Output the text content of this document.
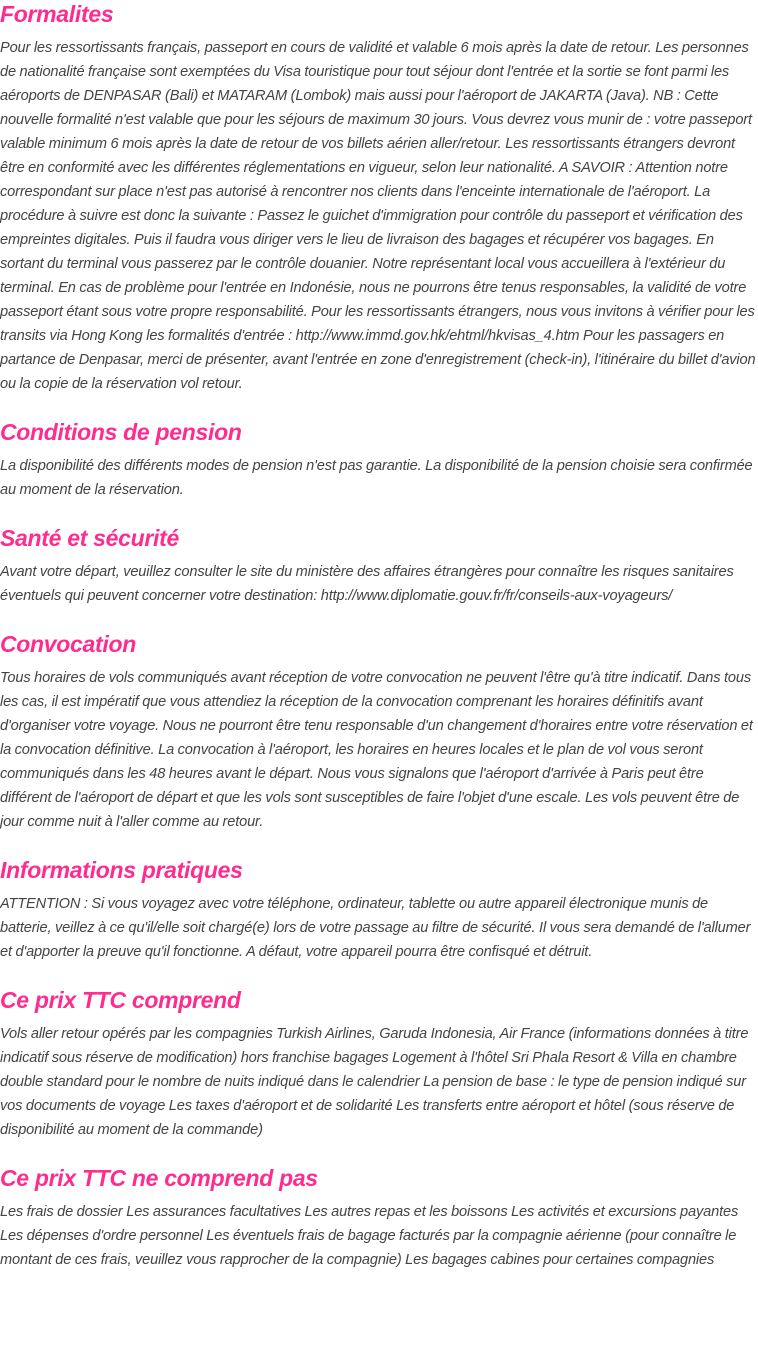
Formalites

Pour les ressortissants français, passeport en cours de validité et valable 6 mois après la date de retour. Les personnes de nationalité française sont exemptées du Visa touristique pour tout séjour dont l'entrée et la sortie se font parmi les aéroports de DENPASAR (Bali) et MATARAM (Lombok) mais aussi pour l'aéroport de JAKARTA (Java). NB : Cette nouvelle formalité n'est valable que pour les séjours de maximum 30 jours. Vous devrez vous munir de : votre passeport valable minimum 6 mois après la date de retour de vos billets aérien aller/retour. Les ressortissants étrangers devront être en conformité avec les différentes réglementations en vigueur, selon leur nationalité. A SAVOIR : Attention notre correspondant sur place n'est pas autorisé à rencontrer nos clients dans l'enceinte internationale de l'aéroport. La procédure à suivre est donc la suivante : Passez le guichet d'immigration pour contrôle du passeport et vérification des empreintes digitales. Puis il faudra vous diriger vers le lieu de livraison des bagages et récupérer vos bagages. En sortant du terminal vous passerez par le contrôle douanier. Notre représentant local vous accueillera à l'extérieur du terminal. En cas de problème pour l'entrée en Indonésie, nous ne pourrons être tenus responsables, la validité de votre passeport étant sous votre propre responsabilité. Pour les ressortissants étrangers, nous vous invitons à vérifier pour les transits via Hong Kong les formalités d'entrée : http://www.immd.gov.hk/ehtml/hkvisas_4.htm Pour les passagers en partance de Denpasar, merci de présenter, avant l'entrée en zone d'enregistrement (check-in), l'itinéraire du billet d'avion ou la copie de la réservation vol retour.

Conditions de pension

La disponibilité des différents modes de pension n'est pas garantie. La disponibilité de la pension choisie sera confirmée au moment de la réservation.

Santé et sécurité

Avant votre départ, veuillez consulter le site du ministère des affaires étrangères pour connaître les risques sanitaires éventuels qui peuvent concerner votre destination: http://www.diplomatie.gouv.fr/fr/conseils-aux-voyageurs/

Convocation

Tous horaires de vols communiqués avant réception de votre convocation ne peuvent l'être qu'à titre indicatif. Dans tous les cas, il est impératif que vous attendiez la réception de la convocation comprenant les horaires définitifs avant d'organiser votre voyage. Nous ne pourront être tenu responsable d'un changement d'horaires entre votre réservation et la convocation définitive. La convocation à l'aéroport, les horaires en heures locales et le plan de vol vous seront communiqués dans les 48 heures avant le départ. Nous vous signalons que l'aéroport d'arrivée à Paris peut être différent de l'aéroport de départ et que les vols sont susceptibles de faire l'objet d'une escale. Les vols peuvent être de jour comme nuit à l'aller comme au retour.

Informations pratiques

ATTENTION : Si vous voyagez avec votre téléphone, ordinateur, tablette ou autre appareil électronique munis de batterie, veillez à ce qu'il/elle soit chargé(e) lors de votre passage au filtre de sécurité. Il vous sera demandé de l'allumer et d'apporter la preuve qu'il fonctionne. A défaut, votre appareil pourra être confisqué et détruit.

Ce prix TTC comprend

Vols aller retour opérés par les compagnies Turkish Airlines, Garuda Indonesia, Air France (informations données à titre indicatif sous réserve de modification) hors franchise bagages Logement à l'hôtel Sri Phala Resort & Villa en chambre double standard pour le nombre de nuits indiqué dans le calendrier La pension de base : le type de pension indiqué sur vos documents de voyage Les taxes d'aéroport et de solidarité Les transferts entre aéroport et hôtel (sous réserve de disponibilité au moment de la commande)

Ce prix TTC ne comprend pas

Les frais de dossier Les assurances facultatives Les autres repas et les boissons Les activités et excursions payantes Les dépenses d'ordre personnel Les éventuels frais de bagage facturés par la compagnie aérienne (pour connaître le montant de ces frais, veuillez vous rapprocher de la compagnie) Les bagages cabines pour certaines compagnies
